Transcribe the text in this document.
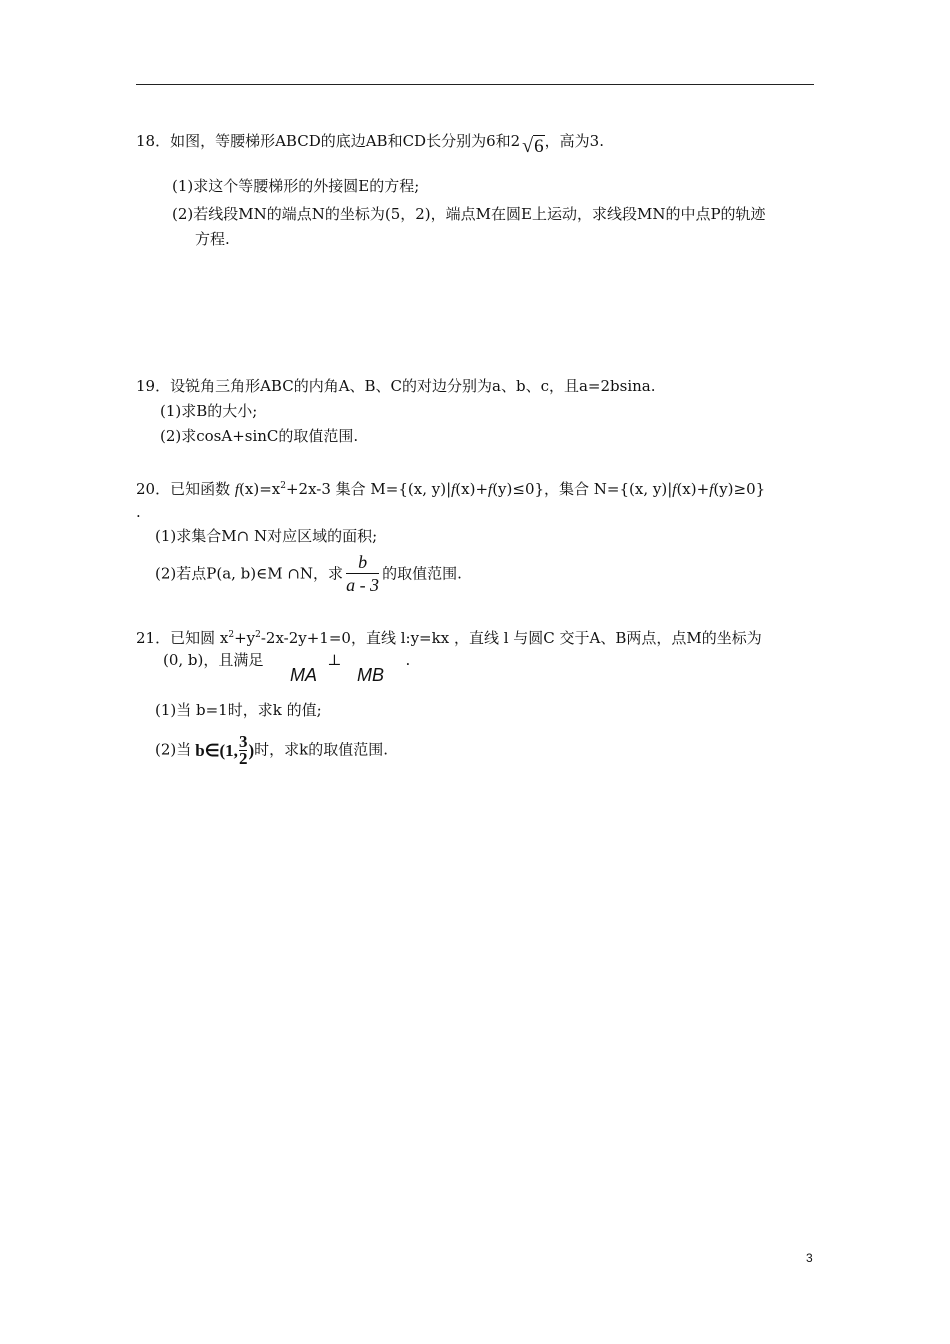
18．如图，等腰梯形ABCD的底边AB和CD长分别为6和2 √6，高为3.
(1)求这个等腰梯形的外接圆E的方程;
(2)若线段MN的端点N的坐标为(5，2)，端点M在圆E上运动，求线段MN的中点P的轨迹
方程.
19．设锐角三角形ABC的内角A、B、C的对边分别为a、b、c，且a=2bsina.
(1)求B的大小;
(2)求cosA+sinC的取值范围.
20．已知函数 $f(x)=x^2+2x-3$ 集合 M={(x, y)|f(x)+f(y)≤0}，集合 N={(x, y)|f(x)+f(y)≥0}
.
(1)求集合M∩ N对应区域的面积;
(2)若点P(a, b)∈M ∩N，求 $\frac{b}{a - 3}$ 的取值范围.
21．已知圆 $x^2+y^2-2x-2y+1=0$，直线 l:y=kx ，直线 l 与圆C 交于A、B两点，点M的坐标为
(0, b)，且满足	⊥	.
MA MB
(1)当 b=1时，求k 的值;
(2)当 b∈(1, 3
2 ) 时，求k的取值范围.
3
